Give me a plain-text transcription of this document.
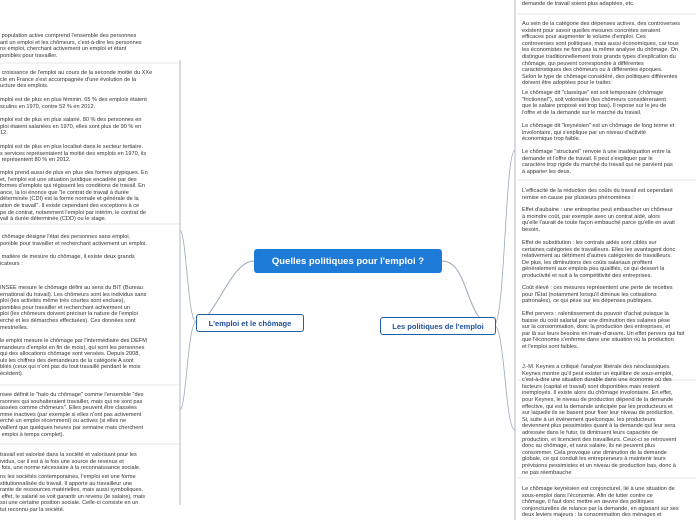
population active comprend l'ensemble des personnes
ant un emploi et les chômeurs, c'est-à-dire les personnes
ns emploi, cherchant activement un emploi et étant
ponibles pour travailler.
croissance de l'emploi au cours de la seconde moitié du XXe
cle en France s'est accompagnée d'une évolution de la
ucture des emplois.
mploi est de plus en plus féminin. 65 % des emplois étaient
sculins en 1970, contre 52 % en 2012.
mploi est de plus en plus salarié. 80 % des personnes en
ploi étaient salariées en 1970, elles sont plus de 90 % en
12.
mploi est de plus en plus localisé dans le secteur tertiaire.
s services représentaient la moitié des emplois en 1970, ils
représentent 80 % en 2012.
mploi prend aussi de plus en plus des formes atypiques. En
et, l'emploi est une situation juridique encadrée par des
formes d'emplois qui régissent les conditions de travail. En
ance, la loi énonce que "le contrat de travail à durée
déterminée (CDI) est la forme normale et générale de la
ation de travail". Il existe cependant des exceptions à ce
pe de contrat, notamment l'emploi par intérim, le contrat de
vail à durée déterminée (CDD) ou le stage.
chômage désigne l'état des personnes sans emploi,
ponible pour travailler et recherchant activement un emploi.
matière de mesure du chômage, il existe deux grands
icateurs :
INSEE mesure le chômage défini au sens du BIT (Bureau
ernational du travail). Les chômeurs sont les individus sans
ploi (les activités même très courtes sont exclues),
ponibles pour travailler et recherchant activement un
ploi (les chômeurs doivent préciser la nature de l'emploi
erché et les démarches effectuées). Ces données sont
mestrielles.
le emploi mesure le chômage par l'intermédiaire des DEFM
mandeurs d'emploi en fin de mois), qui sont les personnes
qui des allocations chômage sont versées. Depuis 2008,
uls les chiffres des demandeurs de la catégorie A sont
bliés (ceux qui n'ont pas du tout travaillé pendant le mois
écédent).
nsee définit le "halo du chômage" comme l'ensemble "des
rsonnes qui souhaiteraient travailler, mais qui ne sont pas
assées comme chômeurs". Elles peuvent être classées
mme inactives (par exemple si elles n'ont pas activement
erché un emploi récemment) ou actives (si elles ne
vaillent que quelques heures par semaine mais cherchent
emploi à temps complet).
travail est valorisé dans la société et valorisant pour les
ividus, car il est à la fois une source de revenus et
fois, une norme nécessaire à la reconnaissance sociale.
ns les sociétés contemporaines, l'emploi est une forme
stitutionnalisée du travail. Il apporte au travailleur une
rantie de ressources matérielles, mais aussi symboliques.
effet, le salarié se voit garantir un revenu (le salaire), mais
ssi une certaine position sociale. Celle-ci consiste en un
tut reconnu par la société.
demande de travail soient plus adaptées, etc.
Au sein de la catégorie des dépenses actives, des controverses
existent pour savoir quelles mesures concrètes seraient
efficaces pour augmenter le volume d'emploi. Ces
controverses sont politiques, mais aussi économiques, car tous
les économistes ne font pas la même analyse du chômage. On
distingue traditionnellement trois grands types d'explication du
chômage, qui peuvent correspondre à différentes
caractéristiques des chômeurs ou à différentes époques.
Selon le type de chômage considéré, des politiques différentes
doivent être adoptées pour le traiter.
Le chômage dit "classique" est soit temporaire (chômage
"frictionnel"), soit volontaire (les chômeurs considéreraient
que le salaire proposé est trop bas). Il repose sur le jeu de
l'offre et de la demande sur le marché du travail.
Le chômage dit "keynésien" est un chômage de long terme et
involontaire, qui s'explique par un niveau d'activité
économique trop faible.
Le chômage "structurel" renvoie à une inadéquation entre la
demande et l'offre de travail. Il peut s'expliquer par le
caractère trop rigide du marché du travail qui ne parvient pas
à apparier les deux.
L'efficacité de la réduction des coûts du travail est cependant
remise en cause par plusieurs phénomènes :
Effet d'aubaine : une entreprise peut embaucher un chômeur
à moindre coût, par exemple avec un contrat aidé, alors
qu'elle l'aurait de toute façon embauché parce qu'elle en avait
besoin.
Effet de substitution : les contrats aidés sont ciblés sur
certaines catégories de travailleurs. Elles les avantagent donc
relativement au détriment d'autres catégories de travailleurs.
De plus, les diminutions des coûts salariaux profitent
généralement aux emplois peu qualifiés, ce qui dessert la
productivité et nuit à la compétitivité des entreprises.
Coût élevé : ces mesures représentent une perte de recettes
pour l'État (notamment lorsqu'il diminue les cotisations
patronales), ce qui pèse sur les dépenses publiques.
Effet pervers : ralentissement du pouvoir d'achat puisque la
baisse du coût salarial par une diminution des salaires pèse
sur la consommation, donc la production des entreprises, et
par là sur leurs besoins en main-d'œuvre. Un effet pervers qui fait
que l'économie s'enferme dans une situation où la production
et l'emploi sont faibles.
J.-M. Keynes a critiqué l'analyse libérale des néoclassiques.
Keynes montre qu'il peut exister un équilibre de sous-emploi,
c'est-à-dire une situation durable dans une économie où des
facteurs (capital et travail) sont disponibles mais restent
inemployés. Il existe alors du chômage involontaire. En effet,
pour Keynes, le niveau de production dépend de la demande
effective, qui est la demande anticipée par les producteurs et
sur laquelle ils se basent pour fixer leur niveau de production.
Si, suite à un événement quelconque, les producteurs
deviennent plus pessimistes quant à la demande qui leur sera
adressée dans le futur, ils diminuent leurs capacités de
production, et licencient des travailleurs. Ceux-ci se retrouvent
donc au chômage, et sans salaire, ils ne peuvent plus
consommer. Cela provoque une diminution de la demande
globale, ce qui conduit les entrepreneurs à maintenir leurs
prévisions pessimistes et un niveau de production bas, donc à
ne pas réembauche
Le chômage keynésien est conjoncturel, lié à une situation de
sous-emploi dans l'économie. Afin de lutter contre ce
chômage, il faut donc mettre en œuvre des politiques
conjoncturelles de relance par la demande, en agissant sur ses
deux leviers majeurs : la consommation des ménages et
Quelles politiques pour l'emploi ?
L'emploi et le chômage	Les politiques de l'emploi
